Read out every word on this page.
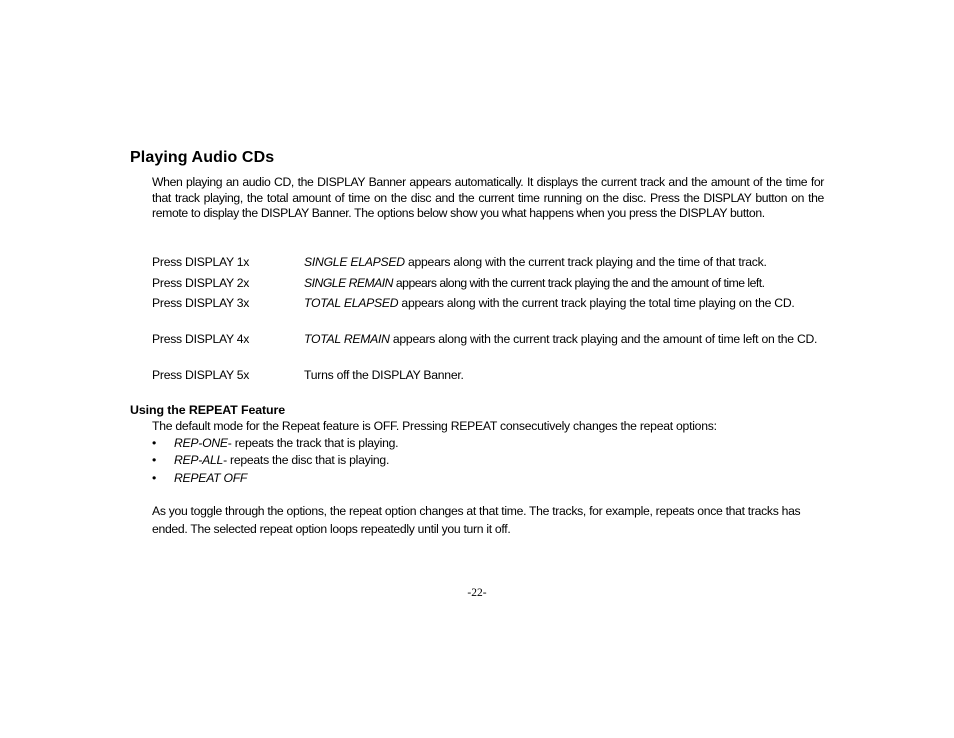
Playing Audio CDs
When playing an audio CD, the DISPLAY Banner appears automatically. It displays the current track and the amount of the time for that track playing, the total amount of time on the disc and the current time running on the disc. Press the DISPLAY button on the remote to display the DISPLAY Banner. The options below show you what happens when you press the DISPLAY button.
Press DISPLAY 1x	SINGLE ELAPSED appears along with the current track playing and the time of that track.
Press DISPLAY 2x	SINGLE REMAIN appears along with the current track playing the and the amount of time left.
Press DISPLAY 3x	TOTAL ELAPSED appears along with the current track playing the total time playing on the CD.
Press DISPLAY 4x	TOTAL REMAIN appears along with the current track playing and the amount of time left on the CD.
Press DISPLAY 5x	Turns off the DISPLAY Banner.
Using the REPEAT Feature
The default mode for the Repeat feature is OFF. Pressing REPEAT consecutively changes the repeat options:
• REP-ONE- repeats the track that is playing.
• REP-ALL- repeats the disc that is playing.
• REPEAT OFF
As you toggle through the options, the repeat option changes at that time. The tracks, for example, repeats once that tracks has ended. The selected repeat option loops repeatedly until you turn it off.
-22-
